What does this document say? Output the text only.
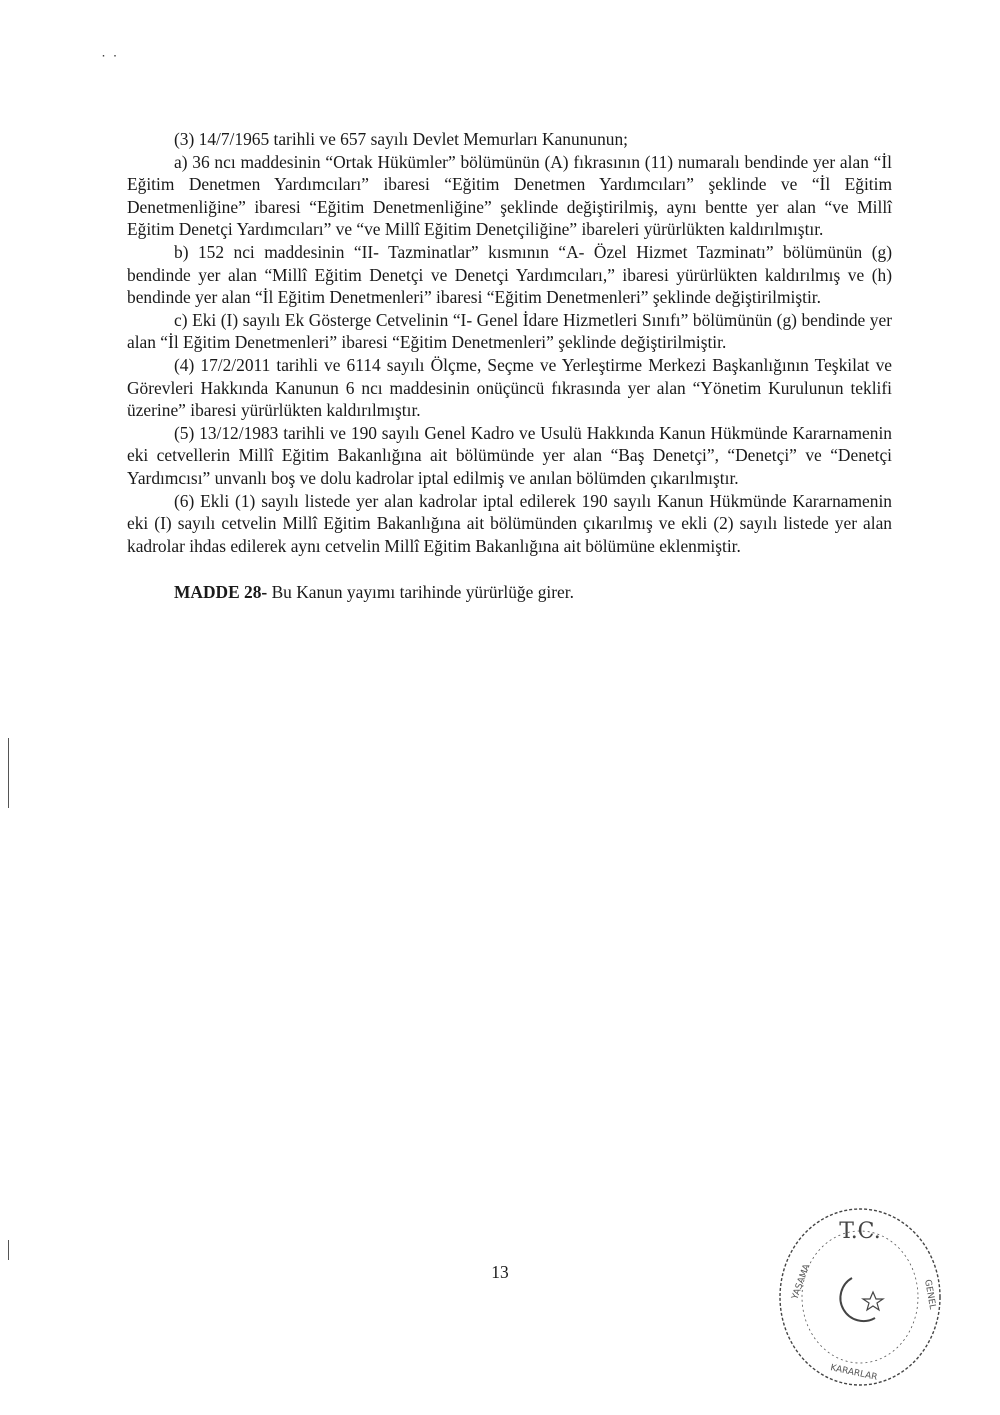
˙ ˙

(3) 14/7/1965 tarihli ve 657 sayılı Devlet Memurları Kanununun;

a) 36 ncı maddesinin “Ortak Hükümler” bölümünün (A) fıkrasının (11) numaralı bendinde yer alan “İl Eğitim Denetmen Yardımcıları” ibaresi “Eğitim Denetmen Yardımcıları” şeklinde ve “İl Eğitim Denetmenliğine” ibaresi “Eğitim Denetmenliğine” şeklinde değiştirilmiş, aynı bentte yer alan “ve Millî Eğitim Denetçi Yardımcıları” ve “ve Millî Eğitim Denetçiliğine” ibareleri yürürlükten kaldırılmıştır.

b) 152 nci maddesinin “II- Tazminatlar” kısmının “A- Özel Hizmet Tazminatı” bölümünün (g) bendinde yer alan “Millî Eğitim Denetçi ve Denetçi Yardımcıları,” ibaresi yürürlükten kaldırılmış ve (h) bendinde yer alan “İl Eğitim Denetmenleri” ibaresi “Eğitim Denetmenleri” şeklinde değiştirilmiştir.

c) Eki (I) sayılı Ek Gösterge Cetvelinin “I- Genel İdare Hizmetleri Sınıfı” bölümünün (g) bendinde yer alan “İl Eğitim Denetmenleri” ibaresi “Eğitim Denetmenleri” şeklinde değiştirilmiştir.

(4) 17/2/2011 tarihli ve 6114 sayılı Ölçme, Seçme ve Yerleştirme Merkezi Başkanlığının Teşkilat ve Görevleri Hakkında Kanunun 6 ncı maddesinin onüçüncü fıkrasında yer alan “Yönetim Kurulunun teklifi üzerine” ibaresi yürürlükten kaldırılmıştır.

(5) 13/12/1983 tarihli ve 190 sayılı Genel Kadro ve Usulü Hakkında Kanun Hükmünde Kararnamenin eki cetvellerin Millî Eğitim Bakanlığına ait bölümünde yer alan “Baş Denetçi”, “Denetçi” ve “Denetçi Yardımcısı” unvanlı boş ve dolu kadrolar iptal edilmiş ve anılan bölümden çıkarılmıştır.

(6) Ekli (1) sayılı listede yer alan kadrolar iptal edilerek 190 sayılı Kanun Hükmünde Kararnamenin eki (I) sayılı cetvelin Millî Eğitim Bakanlığına ait bölümünden çıkarılmış ve ekli (2) sayılı listede yer alan kadrolar ihdas edilerek aynı cetvelin Millî Eğitim Bakanlığına ait bölümüne eklenmiştir.

MADDE 28- Bu Kanun yayımı tarihinde yürürlüğe girer.

13
T.C.
YASAMA
KARARLAR
GENEL
